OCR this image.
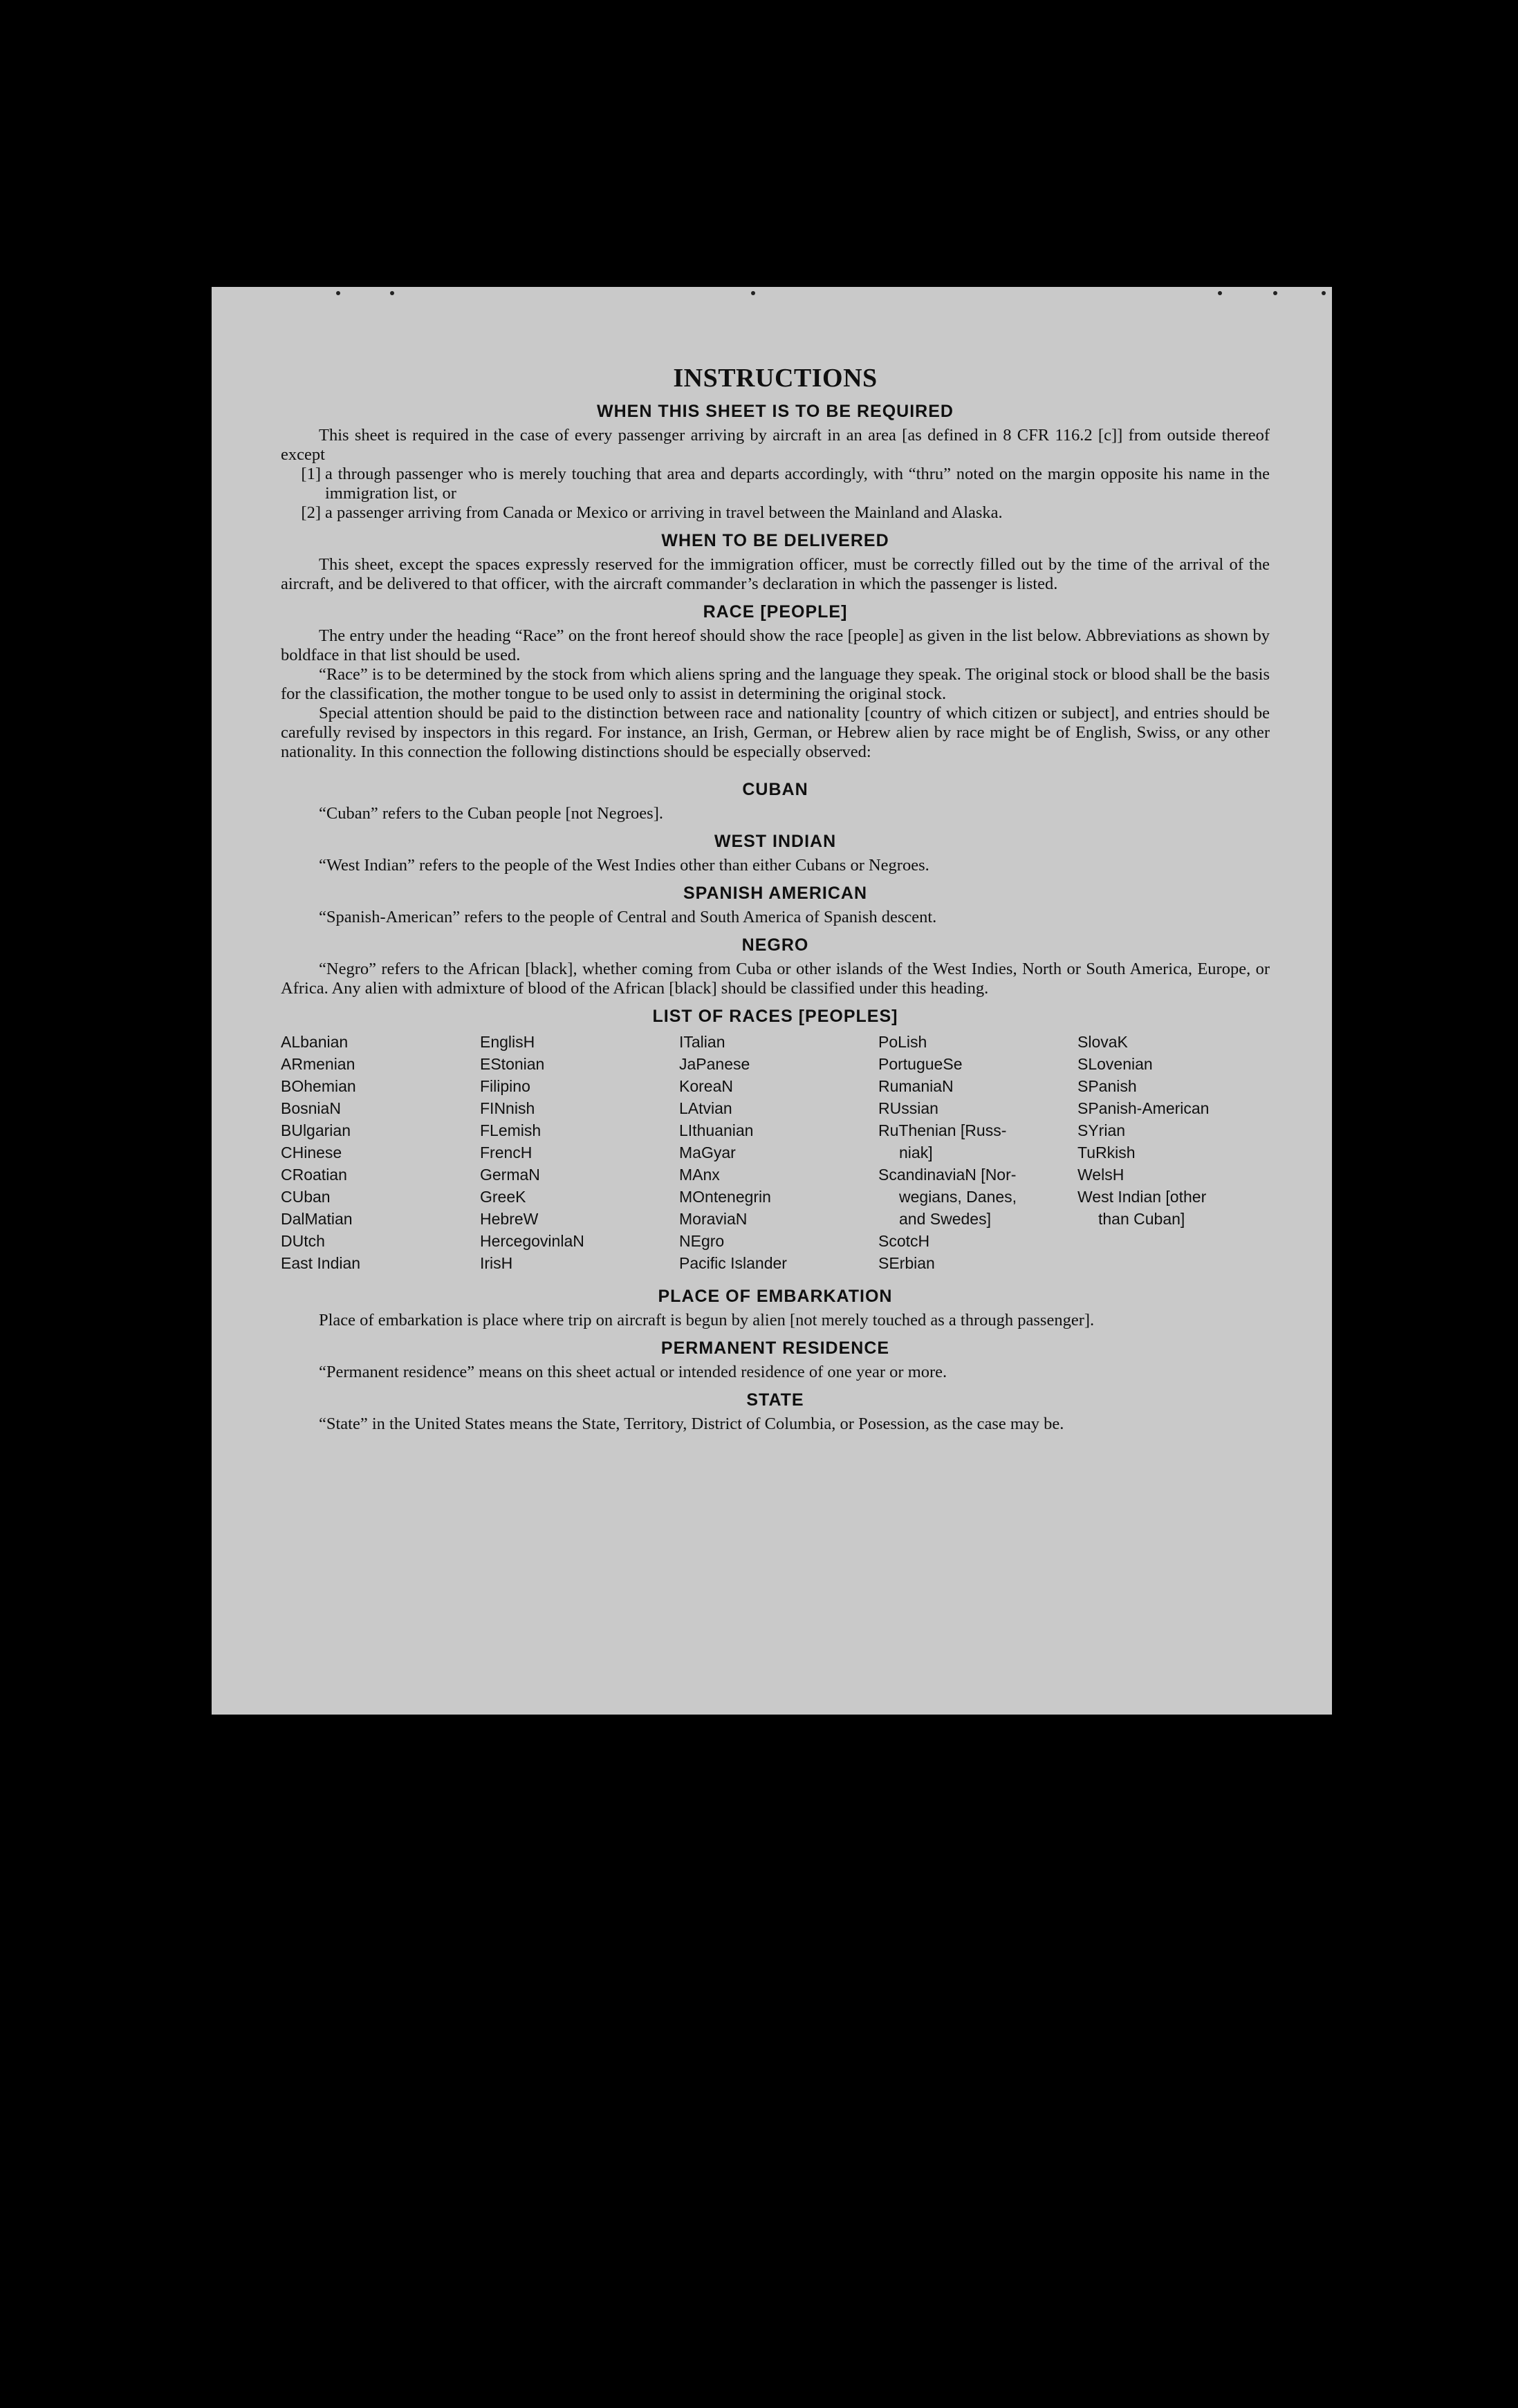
INSTRUCTIONS
WHEN THIS SHEET IS TO BE REQUIRED

This sheet is required in the case of every passenger arriving by aircraft in an area [as defined in 8 CFR 116.2 [c]] from outside thereof except

[1] a through passenger who is merely touching that area and departs accordingly, with “thru” noted on the margin opposite his name in the immigration list, or
[2] a passenger arriving from Canada or Mexico or arriving in travel between the Mainland and Alaska.
WHEN TO BE DELIVERED

This sheet, except the spaces expressly reserved for the immigration officer, must be correctly filled out by the time of the arrival of the aircraft, and be delivered to that officer, with the aircraft commander’s declaration in which the passenger is listed.

RACE [PEOPLE]

The entry under the heading “Race” on the front hereof should show the race [people] as given in the list below. Abbreviations as shown by boldface in that list should be used.

“Race” is to be determined by the stock from which aliens spring and the language they speak. The original stock or blood shall be the basis for the classification, the mother tongue to be used only to assist in determining the original stock.

Special attention should be paid to the distinction between race and nationality [country of which citizen or subject], and entries should be carefully revised by inspectors in this regard. For instance, an Irish, German, or Hebrew alien by race might be of English, Swiss, or any other nationality. In this connection the following distinctions should be especially observed:

CUBAN

“Cuban” refers to the Cuban people [not Negroes].

WEST INDIAN

“West Indian” refers to the people of the West Indies other than either Cubans or Negroes.

SPANISH AMERICAN

“Spanish-American” refers to the people of Central and South America of Spanish descent.

NEGRO

“Negro” refers to the African [black], whether coming from Cuba or other islands of the West Indies, North or South America, Europe, or Africa. Any alien with admixture of blood of the African [black] should be classified under this heading.

LIST OF RACES [PEOPLES]
ALbanian
ARmenian
BOhemian
BosniaN
BUlgarian
CHinese
CRoatian
CUban
DalMatian
DUtch
East Indian
EnglisH
EStonian
Filipino
FINnish
FLemish
FrencH
GermaN
GreeK
HebreW
HercegovinlaN
IrisH
ITalian
JaPanese
KoreaN
LAtvian
LIthuanian
MaGyar
MAnx
MOntenegrin
MoraviaN
NEgro
Pacific Islander
PoLish
PortugueSe
RumaniaN
RUssian
RuThenian [Russ-
niak]
ScandinaviaN [Nor-
wegians, Danes,
and Swedes]
ScotcH
SErbian
SlovaK
SLovenian
SPanish
SPanish-American
SYrian
TuRkish
WelsH
West Indian [other
than Cuban]
PLACE OF EMBARKATION

Place of embarkation is place where trip on aircraft is begun by alien [not merely touched as a through passenger].

PERMANENT RESIDENCE

“Permanent residence” means on this sheet actual or intended residence of one year or more.

STATE

“State” in the United States means the State, Territory, District of Columbia, or Posession, as the case may be.
